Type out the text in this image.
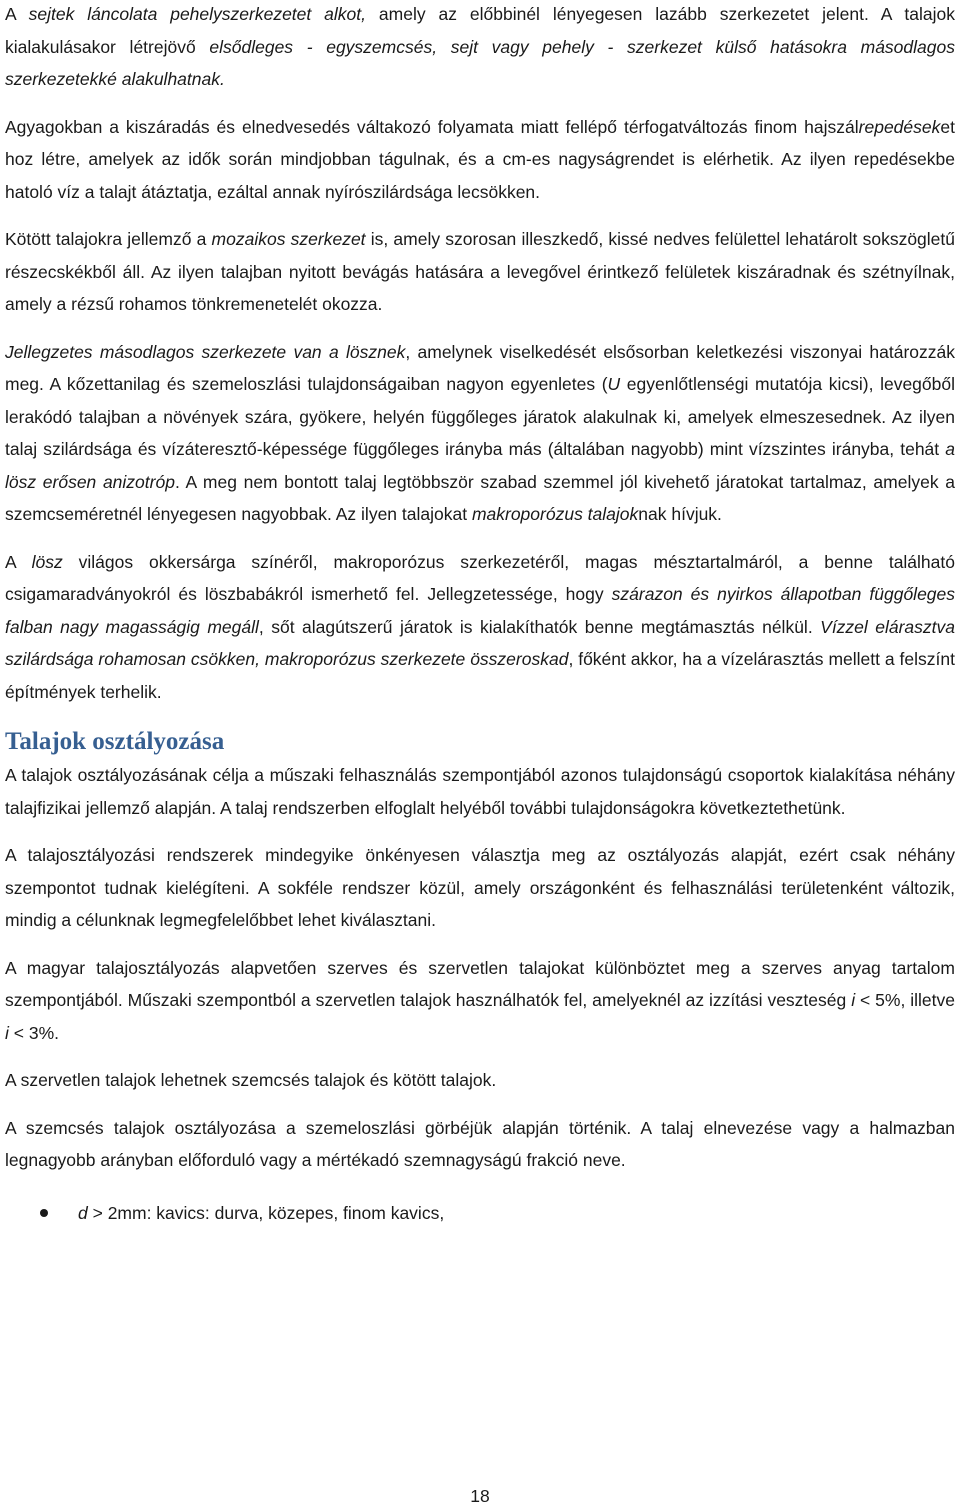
A sejtek láncolata pehelyszerkezetet alkot, amely az előbbinél lényegesen lazább szerkezetet jelent. A talajok kialakulásakor létrejövő elsődleges - egyszemcsés, sejt vagy pehely - szerkezet külső hatásokra másodlagos szerkezetekké alakulhatnak.

Agyagokban a kiszáradás és elnedvesedés váltakozó folyamata miatt fellépő térfogatváltozás finom hajszálrepedéseket hoz létre, amelyek az idők során mindjobban tágulnak, és a cm-es nagyságrendet is elérhetik. Az ilyen repedésekbe hatoló víz a talajt átáztatja, ezáltal annak nyírószilárdsága lecsökken.

Kötött talajokra jellemző a mozaikos szerkezet is, amely szorosan illeszkedő, kissé nedves felülettel lehatárolt sokszögletű részecskékből áll. Az ilyen talajban nyitott bevágás hatására a levegővel érintkező felületek kiszáradnak és szétnyílnak, amely a rézsű rohamos tönkremenetelét okozza.

Jellegzetes másodlagos szerkezete van a lösznek, amelynek viselkedését elsősorban keletkezési viszonyai határozzák meg. A kőzettanilag és szemeloszlási tulajdonságaiban nagyon egyenletes (U egyenlőtlenségi mutatója kicsi), levegőből lerakódó talajban a növények szára, gyökere, helyén függőleges járatok alakulnak ki, amelyek elmeszesednek. Az ilyen talaj szilárdsága és vízáteresztő-képessége függőleges irányba más (általában nagyobb) mint vízszintes irányba, tehát a lösz erősen anizotróp. A meg nem bontott talaj legtöbbször szabad szemmel jól kivehető járatokat tartalmaz, amelyek a szemcseméretnél lényegesen nagyobbak. Az ilyen talajokat makroporózus talajoknak hívjuk.

A lösz világos okkersárga színéről, makroporózus szerkezetéről, magas mésztartalmáról, a benne található csigamaradványokról és löszbabákról ismerhető fel. Jellegzetessége, hogy szárazon és nyirkos állapotban függőleges falban nagy magasságig megáll, sőt alagútszerű járatok is kialakíthatók benne megtámasztás nélkül. Vízzel elárasztva szilárdsága rohamosan csökken, makroporózus szerkezete összeroskad, főként akkor, ha a vízelárasztás mellett a felszínt építmények terhelik.

Talajok osztályozása

A talajok osztályozásának célja a műszaki felhasználás szempontjából azonos tulajdonságú csoportok kialakítása néhány talajfizikai jellemző alapján. A talaj rendszerben elfoglalt helyéből további tulajdonságokra következtethetünk.

A talajosztályozási rendszerek mindegyike önkényesen választja meg az osztályozás alapját, ezért csak néhány szempontot tudnak kielégíteni. A sokféle rendszer közül, amely országonként és felhasználási területenként változik, mindig a célunknak legmegfelelőbbet lehet kiválasztani.

A magyar talajosztályozás alapvetően szerves és szervetlen talajokat különböztet meg a szerves anyag tartalom szempontjából. Műszaki szempontból a szervetlen talajok használhatók fel, amelyeknél az izzítási veszteség i < 5%, illetve i < 3%.

A szervetlen talajok lehetnek szemcsés talajok és kötött talajok.

A szemcsés talajok osztályozása a szemeloszlási görbéjük alapján történik. A talaj elnevezése vagy a halmazban legnagyobb arányban előforduló vagy a mértékadó szemnagyságú frakció neve.

d > 2mm: kavics: durva, közepes, finom kavics,
18
